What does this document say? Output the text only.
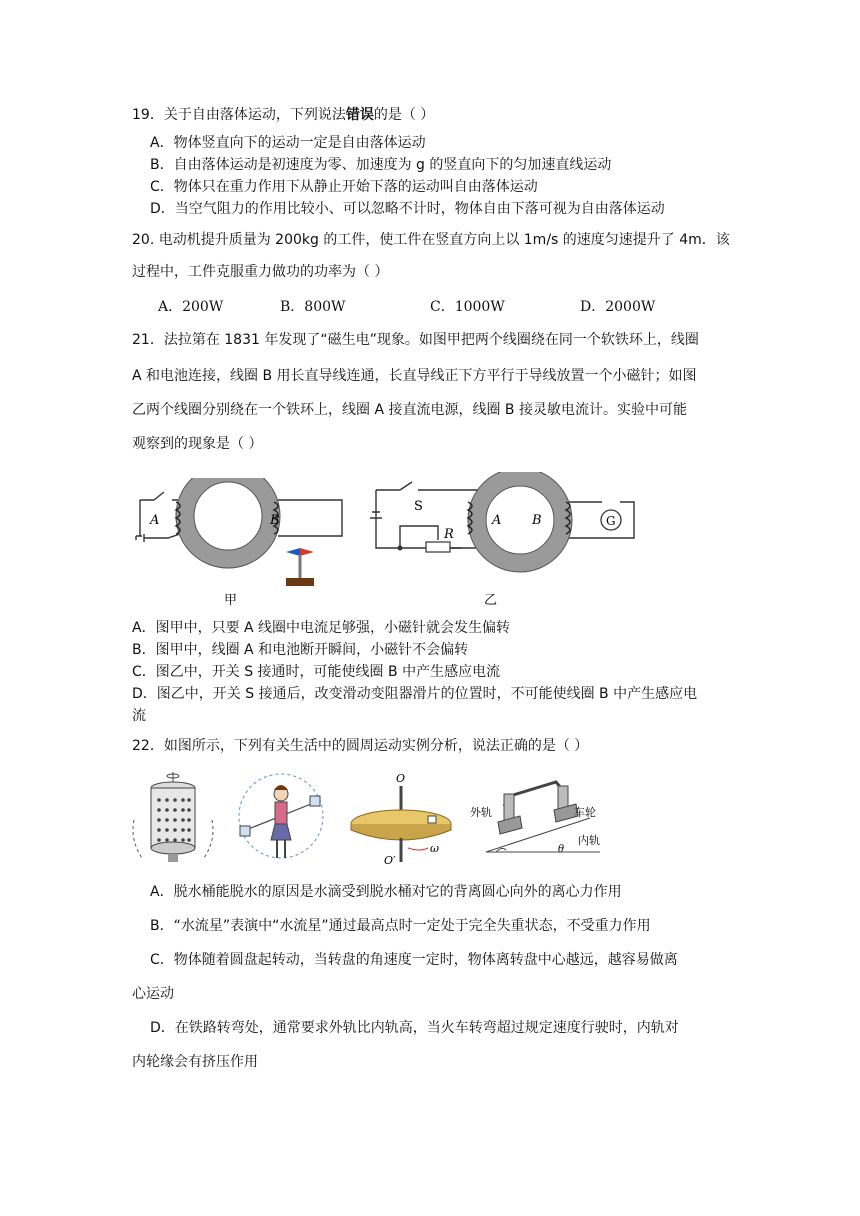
19．关于自由落体运动，下列说法错误的是（ ）
A．物体竖直向下的运动一定是自由落体运动
B．自由落体运动是初速度为零、加速度为 g 的竖直向下的匀加速直线运动
C．物体只在重力作用下从静止开始下落的运动叫自由落体运动
D．当空气阻力的作用比较小、可以忽略不计时，物体自由下落可视为自由落体运动
20. 电动机提升质量为 200kg 的工件，使工件在竖直方向上以 1m/s 的速度匀速提升了 4m．该
过程中，工件克服重力做功的功率为（ ）
A．200W	B．800W	C．1000W	D．2000W
21．法拉第在 1831 年发现了“磁生电”现象。如图甲把两个线圈绕在同一个软铁环上，线圈
A 和电池连接，线圈 B 用长直导线连通，长直导线正下方平行于导线放置一个小磁针；如图
乙两个线圈分别绕在一个铁环上，线圈 A 接直流电源，线圈 B 接灵敏电流计。实验中可能
观察到的现象是（ ）
A	B
甲
G
S
R
A B
乙
A．图甲中，只要 A 线圈中电流足够强，小磁针就会发生偏转
B．图甲中，线圈 A 和电池断开瞬间，小磁针不会偏转
C．图乙中，开关 S 接通时，可能使线圈 B 中产生感应电流
D．图乙中，开关 S 接通后，改变滑动变阻器滑片的位置时，不可能使线圈 B 中产生感应电
流
22．如图所示，下列有关生活中的圆周运动实例分析，说法正确的是（ ）
O
O′
ω
外轨	车轮
内轨
θ
A．脱水桶能脱水的原因是水滴受到脱水桶对它的背离圆心向外的离心力作用
B．“水流星”表演中“水流星”通过最高点时一定处于完全失重状态，不受重力作用
C．物体随着圆盘起转动，当转盘的角速度一定时，物体离转盘中心越远，越容易做离
心运动
D．在铁路转弯处，通常要求外轨比内轨高，当火车转弯超过规定速度行驶时，内轨对
内轮缘会有挤压作用
